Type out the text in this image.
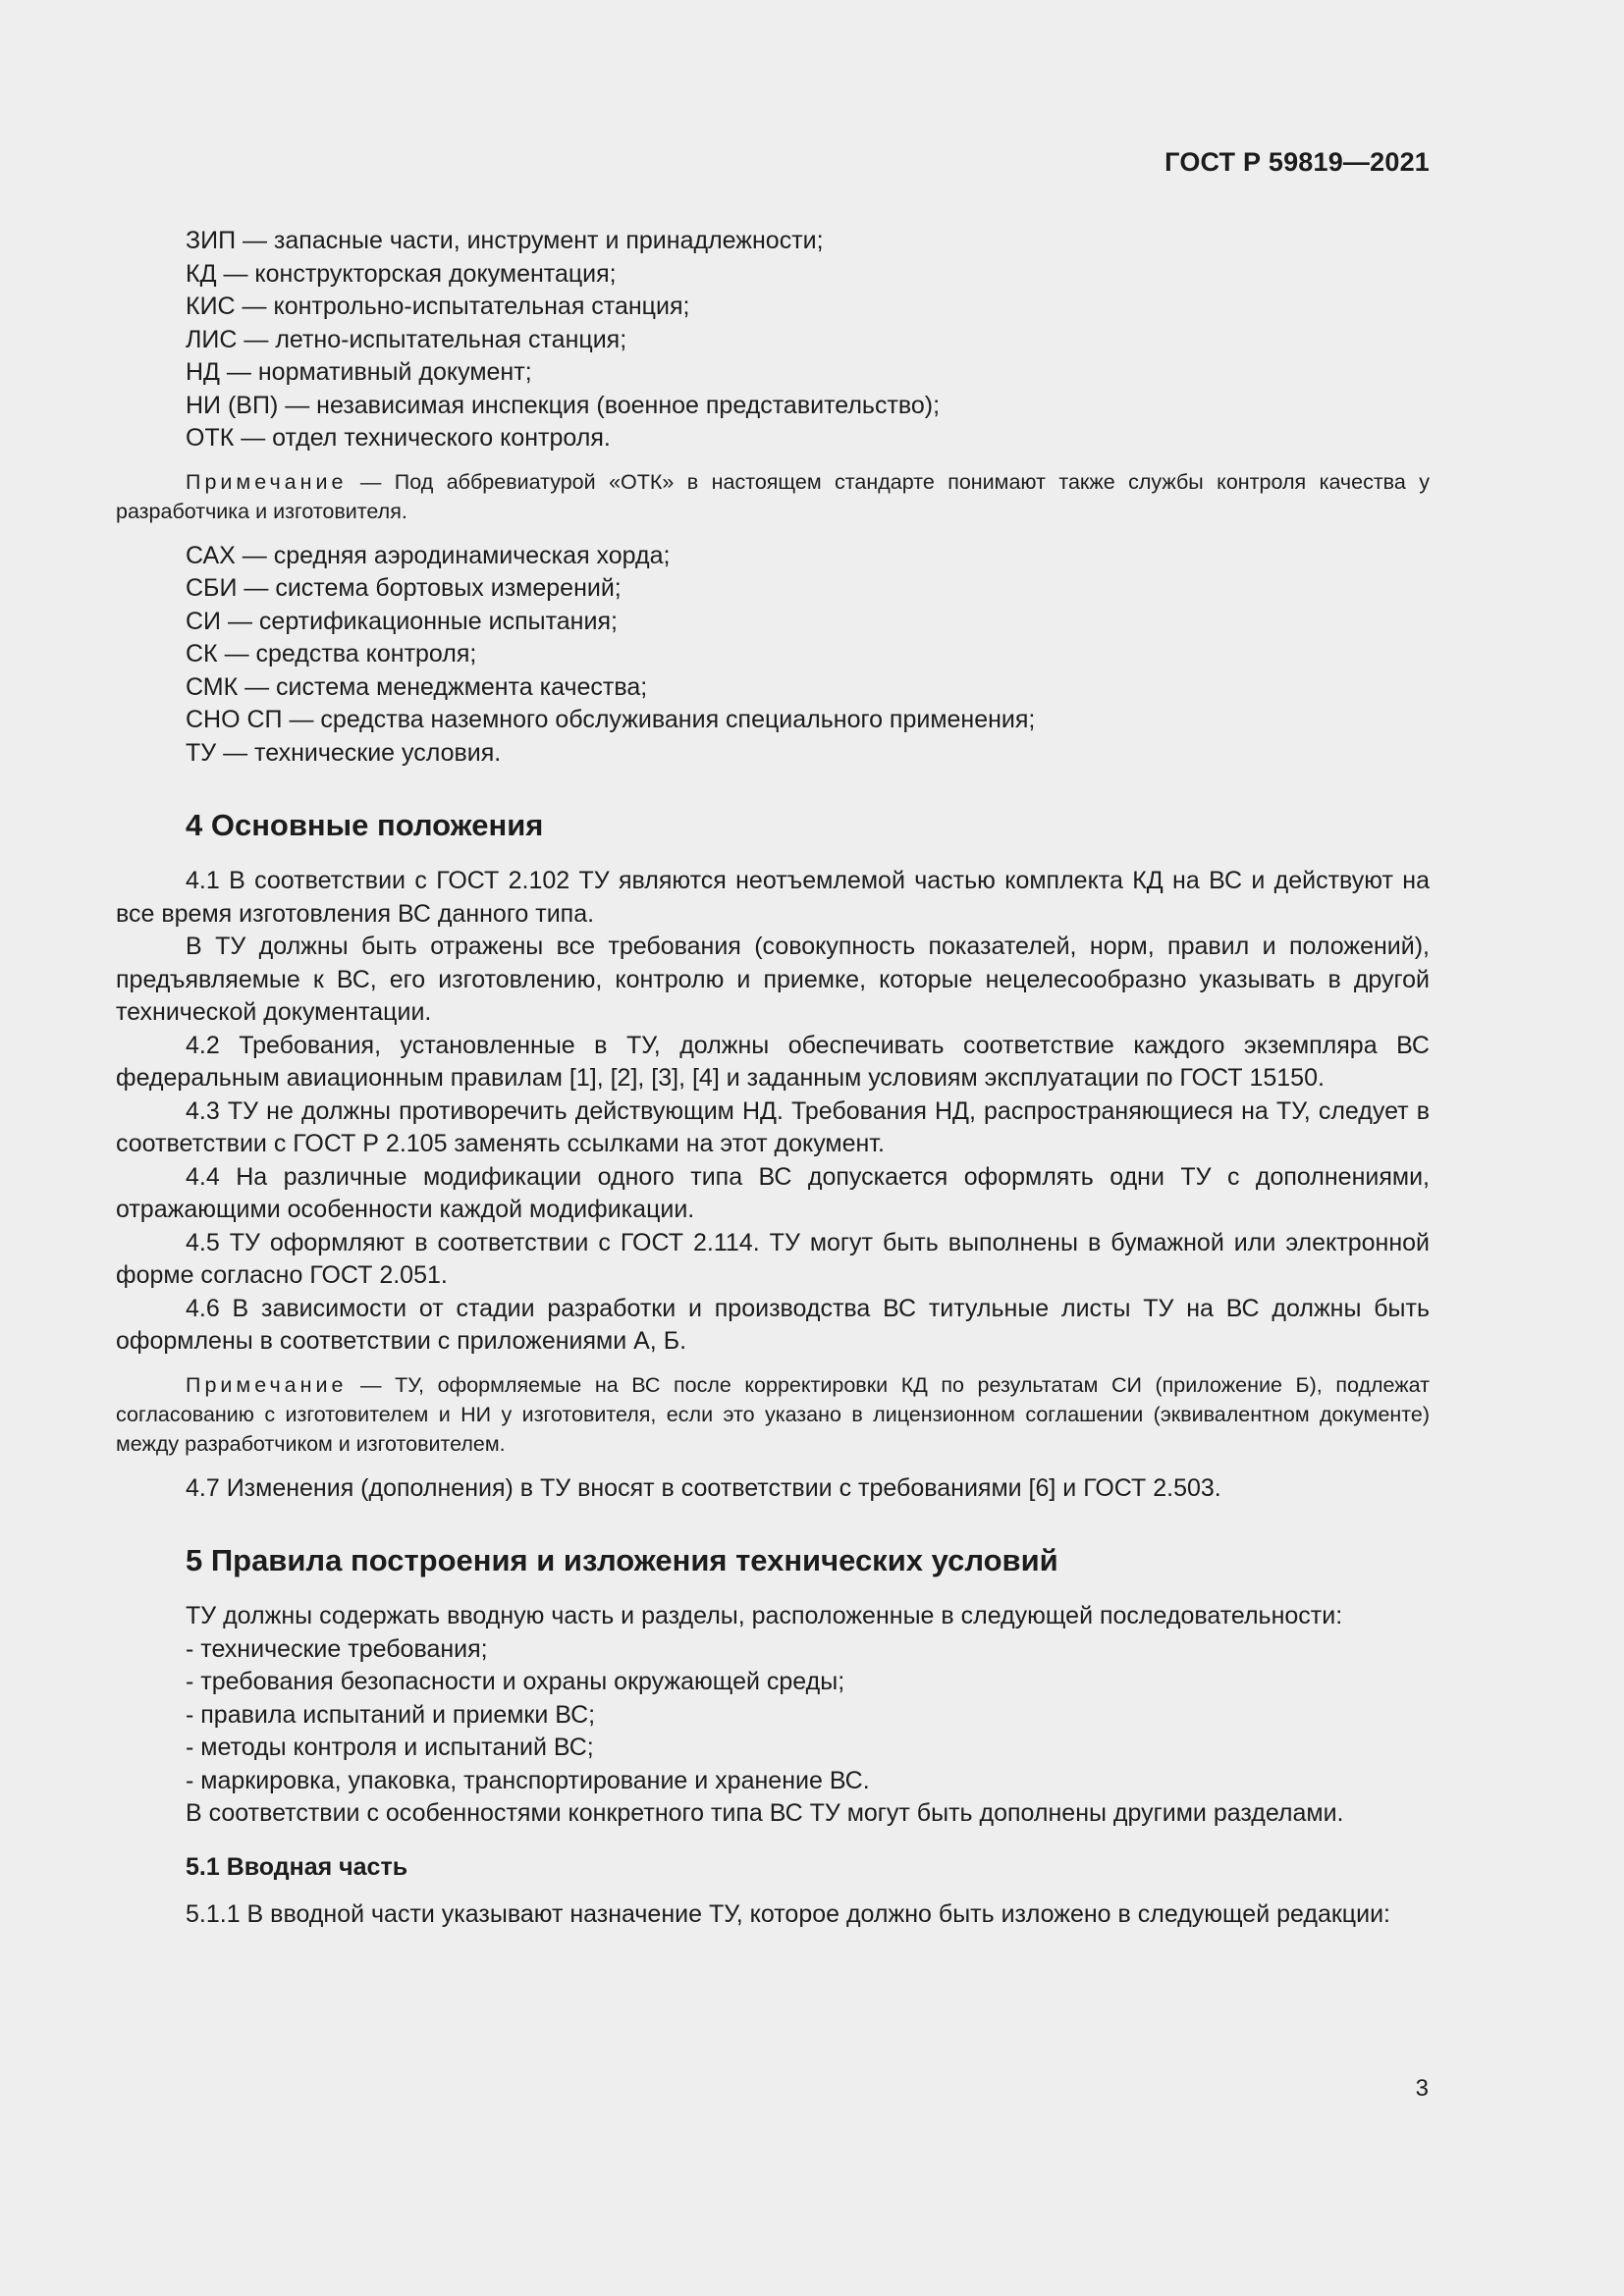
ГОСТ Р 59819—2021

ЗИП — запасные части, инструмент и принадлежности;

КД — конструкторская документация;

КИС — контрольно-испытательная станция;

ЛИС — летно-испытательная станция;

НД — нормативный документ;

НИ (ВП) — независимая инспекция (военное представительство);

ОТК — отдел технического контроля.

Примечание — Под аббревиатурой «ОТК» в настоящем стандарте понимают также службы контроля качества у разработчика и изготовителя.

САХ — средняя аэродинамическая хорда;

СБИ — система бортовых измерений;

СИ — сертификационные испытания;

СК — средства контроля;

СМК — система менеджмента качества;

СНО СП — средства наземного обслуживания специального применения;

ТУ — технические условия.

4 Основные положения

4.1 В соответствии с ГОСТ 2.102 ТУ являются неотъемлемой частью комплекта КД на ВС и действуют на все время изготовления ВС данного типа.

В ТУ должны быть отражены все требования (совокупность показателей, норм, правил и положений), предъявляемые к ВС, его изготовлению, контролю и приемке, которые нецелесообразно указывать в другой технической документации.

4.2 Требования, установленные в ТУ, должны обеспечивать соответствие каждого экземпляра ВС федеральным авиационным правилам [1], [2], [3], [4] и заданным условиям эксплуатации по ГОСТ 15150.

4.3 ТУ не должны противоречить действующим НД. Требования НД, распространяющиеся на ТУ, следует в соответствии с ГОСТ Р 2.105 заменять ссылками на этот документ.

4.4 На различные модификации одного типа ВС допускается оформлять одни ТУ с дополнениями, отражающими особенности каждой модификации.

4.5 ТУ оформляют в соответствии с ГОСТ 2.114. ТУ могут быть выполнены в бумажной или электронной форме согласно ГОСТ 2.051.

4.6 В зависимости от стадии разработки и производства ВС титульные листы ТУ на ВС должны быть оформлены в соответствии с приложениями А, Б.

Примечание — ТУ, оформляемые на ВС после корректировки КД по результатам СИ (приложение Б), подлежат согласованию с изготовителем и НИ у изготовителя, если это указано в лицензионном соглашении (эквивалентном документе) между разработчиком и изготовителем.

4.7 Изменения (дополнения) в ТУ вносят в соответствии с требованиями [6] и ГОСТ 2.503.

5 Правила построения и изложения технических условий

ТУ должны содержать вводную часть и разделы, расположенные в следующей последовательности:

- технические требования;

- требования безопасности и охраны окружающей среды;

- правила испытаний и приемки ВС;

- методы контроля и испытаний ВС;

- маркировка, упаковка, транспортирование и хранение ВС.

В соответствии с особенностями конкретного типа ВС ТУ могут быть дополнены другими разделами.

5.1 Вводная часть

5.1.1 В вводной части указывают назначение ТУ, которое должно быть изложено в следующей редакции:

3
